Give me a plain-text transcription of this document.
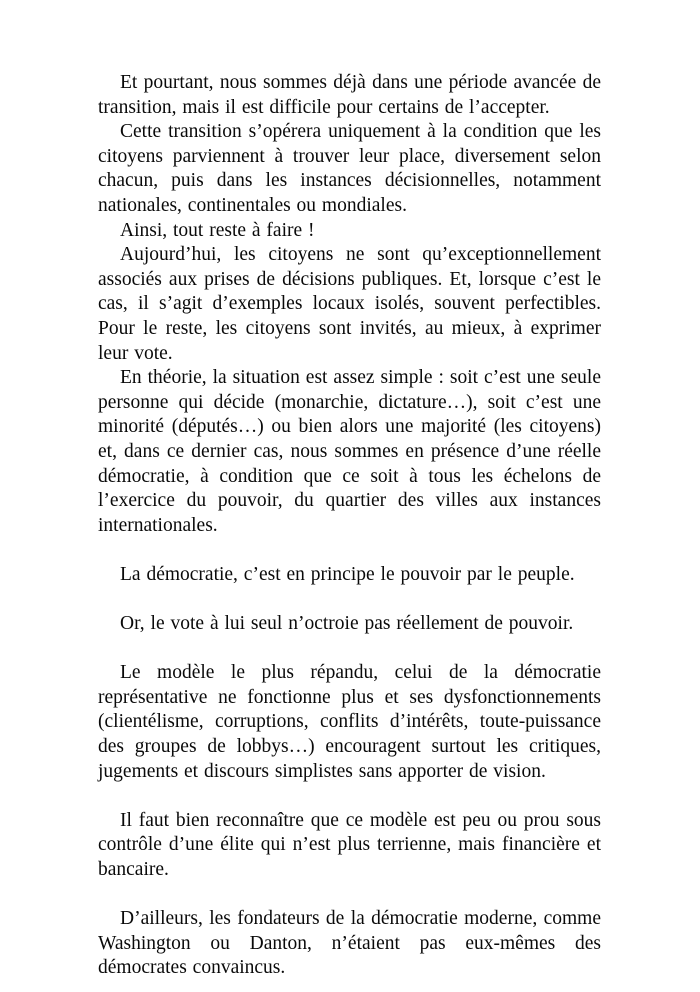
Et pourtant, nous sommes déjà dans une période avancée de transition, mais il est difficile pour certains de l’accepter.

Cette transition s’opérera uniquement à la condition que les citoyens parviennent à trouver leur place, diversement selon chacun, puis dans les instances décisionnelles, notamment nationales, continentales ou mondiales.

Ainsi, tout reste à faire !

Aujourd’hui, les citoyens ne sont qu’exceptionnellement associés aux prises de décisions publiques. Et, lorsque c’est le cas, il s’agit d’exemples locaux isolés, souvent perfectibles. Pour le reste, les citoyens sont invités, au mieux, à exprimer leur vote.

En théorie, la situation est assez simple : soit c’est une seule personne qui décide (monarchie, dictature…), soit c’est une minorité (députés…) ou bien alors une majorité (les citoyens) et, dans ce dernier cas, nous sommes en présence d’une réelle démocratie, à condition que ce soit à tous les échelons de l’exercice du pouvoir, du quartier des villes aux instances internationales.

La démocratie, c’est en principe le pouvoir par le peuple.

Or, le vote à lui seul n’octroie pas réellement de pouvoir.

Le modèle le plus répandu, celui de la démocratie représentative ne fonctionne plus et ses dysfonctionnements (clientélisme, corruptions, conflits d’intérêts, toute-puissance des groupes de lobbys…) encouragent surtout les critiques, jugements et discours simplistes sans apporter de vision.

Il faut bien reconnaître que ce modèle est peu ou prou sous contrôle d’une élite qui n’est plus terrienne, mais financière et bancaire.

D’ailleurs, les fondateurs de la démocratie moderne, comme Washington ou Danton, n’étaient pas eux-mêmes des démocrates convaincus.
